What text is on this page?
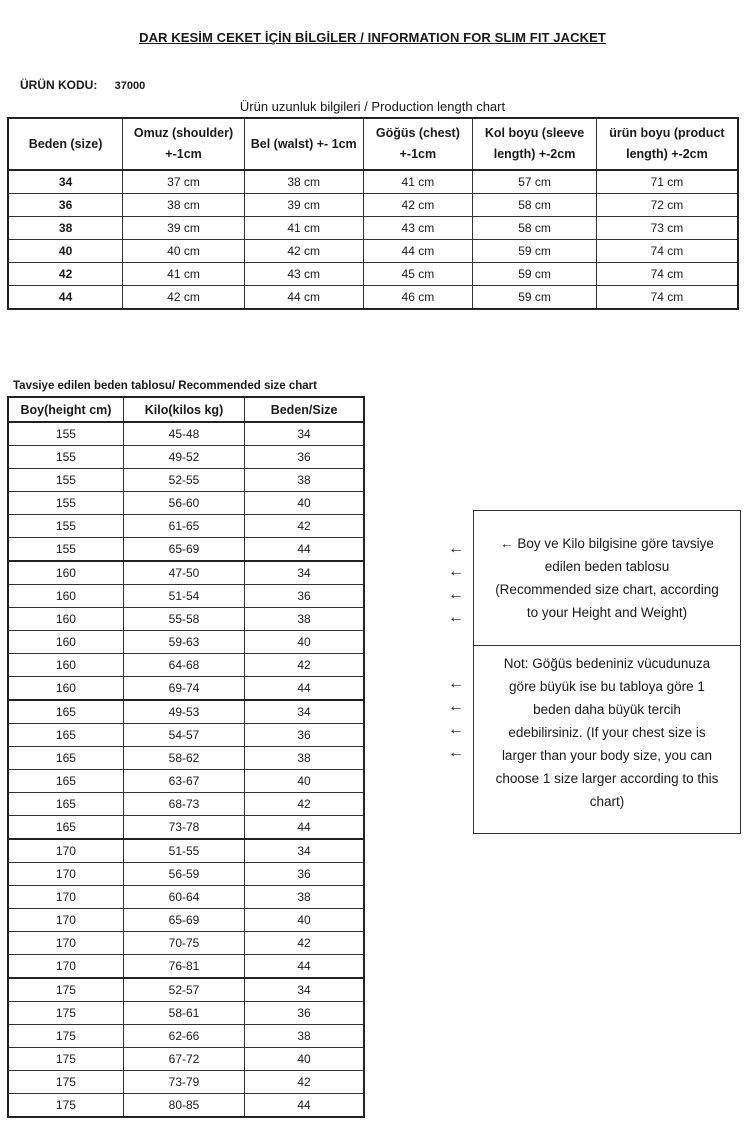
DAR KESİM CEKET İÇİN BİLGİLER / INFORMATION FOR SLIM FIT JACKET
ÜRÜN KODU: 37000
Ürün uzunluk bilgileri / Production length chart
Beden (size)	Omuz (shoulder) +-1cm	Bel (walst) +- 1cm	Göğüs (chest) +-1cm	Kol boyu (sleeve length) +-2cm	ürün boyu (product length) +-2cm
34	37 cm	38 cm	41 cm	57 cm	71 cm
36	38 cm	39 cm	42 cm	58 cm	72 cm
38	39 cm	41 cm	43 cm	58 cm	73 cm
40	40 cm	42 cm	44 cm	59 cm	74 cm
42	41 cm	43 cm	45 cm	59 cm	74 cm
44	42 cm	44 cm	46 cm	59 cm	74 cm
Tavsiye edilen beden tablosu/ Recommended size chart
Boy(height cm)	Kilo(kilos kg)	Beden/Size
155	45-48	34
155	49-52	36
155	52-55	38
155	56-60	40
155	61-65	42
155	65-69	44
160	47-50	34
160	51-54	36
160	55-58	38
160	59-63	40
160	64-68	42
160	69-74	44
165	49-53	34
165	54-57	36
165	58-62	38
165	63-67	40
165	68-73	42
165	73-78	44
170	51-55	34
170	56-59	36
170	60-64	38
170	65-69	40
170	70-75	42
170	76-81	44
175	52-57	34
175	58-61	36
175	62-66	38
175	67-72	40
175	73-79	42
175	80-85	44
←
←
←
←
←
←
←
←
← Boy ve Kilo bilgisine göre tavsiye
edilen beden tablosu
(Recommended size chart, according
to your Height and Weight)
Not: Göğüs bedeniniz vücudunuza
göre büyük ise bu tabloya göre 1
beden daha büyük tercih
edebilirsiniz. (If your chest size is
larger than your body size, you can
choose 1 size larger according to this
chart)
